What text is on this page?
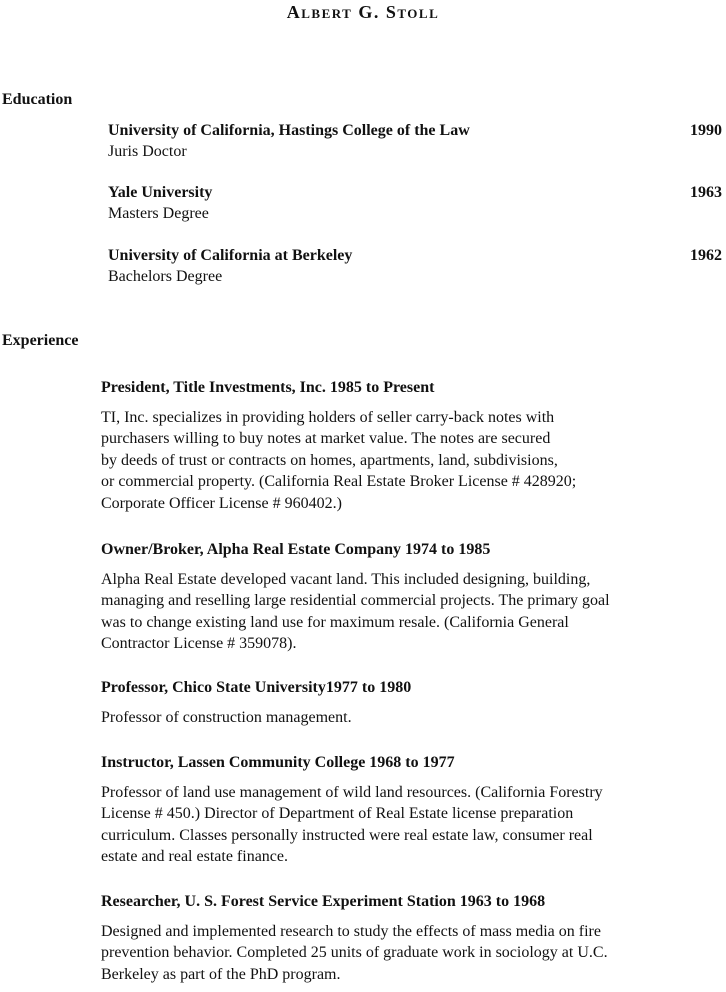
Albert G. Stoll
Education
University of California, Hastings College of the Law
Juris Doctor
1990
Yale University
Masters Degree
1963
University of California at Berkeley
Bachelors Degree
1962
Experience
President, Title Investments, Inc. 1985 to Present
TI, Inc. specializes in providing holders of seller carry-back notes with
purchasers willing to buy notes at market value. The notes are secured
by deeds of trust or contracts on homes, apartments, land, subdivisions,
or commercial property. (California Real Estate Broker License # 428920;
Corporate Officer License # 960402.)
Owner/Broker, Alpha Real Estate Company 1974 to 1985
Alpha Real Estate developed vacant land. This included designing, building,
managing and reselling large residential commercial projects. The primary goal
was to change existing land use for maximum resale. (California General
Contractor License # 359078).
Professor, Chico State University1977 to 1980
Professor of construction management.
Instructor, Lassen Community College 1968 to 1977
Professor of land use management of wild land resources. (California Forestry
License # 450.) Director of Department of Real Estate license preparation
curriculum. Classes personally instructed were real estate law, consumer real
estate and real estate finance.
Researcher, U. S. Forest Service Experiment Station 1963 to 1968
Designed and implemented research to study the effects of mass media on fire
prevention behavior. Completed 25 units of graduate work in sociology at U.C.
Berkeley as part of the PhD program.
